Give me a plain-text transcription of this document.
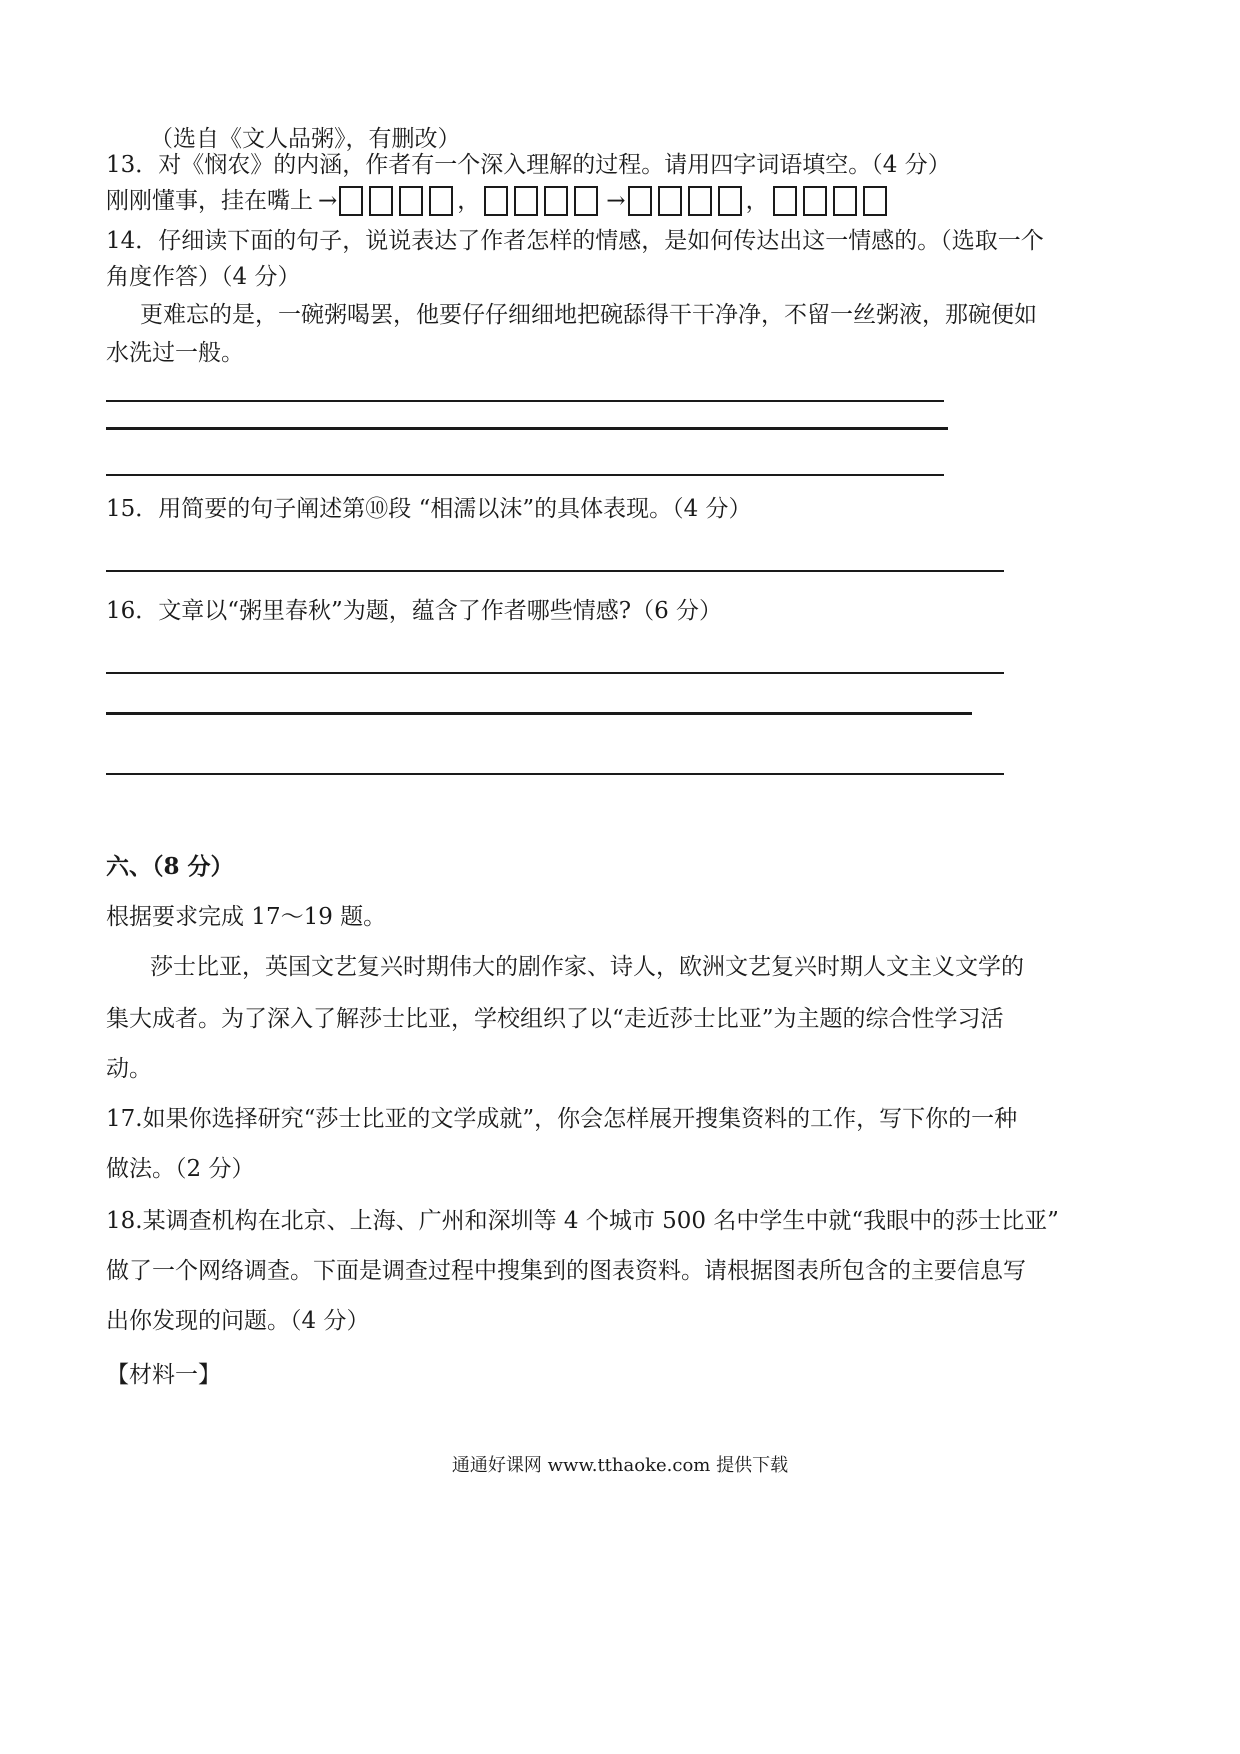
（选自《文人品粥》，有删改）
13．对《悯农》的内涵，作者有一个深入理解的过程。请用四字词语填空。（4 分）
刚刚懂事，挂在嘴上 →	，	→	，
14．仔细读下面的句子，说说表达了作者怎样的情感，是如何传达出这一情感的。（选取一个
角度作答）（4 分）
更难忘的是，一碗粥喝罢，他要仔仔细细地把碗舔得干干净净，不留一丝粥液，那碗便如
水洗过一般。
15．用简要的句子阐述第⑩段 “相濡以沫”的具体表现。（4 分）
16．文章以“粥里春秋”为题，蕴含了作者哪些情感?（6 分）
六、（8 分）
根据要求完成 17～19 题。
莎士比亚，英国文艺复兴时期伟大的剧作家、诗人，欧洲文艺复兴时期人文主义文学的
集大成者。为了深入了解莎士比亚，学校组织了以“走近莎士比亚”为主题的综合性学习活
动。
17.如果你选择研究“莎士比亚的文学成就”，你会怎样展开搜集资料的工作，写下你的一种
做法。（2 分）
18.某调查机构在北京、上海、广州和深圳等 4 个城市 500 名中学生中就“我眼中的莎士比亚”
做了一个网络调查。下面是调查过程中搜集到的图表资料。请根据图表所包含的主要信息写
出你发现的问题。（4 分）
【材料一】
通通好课网 www.tthaoke.com 提供下载
